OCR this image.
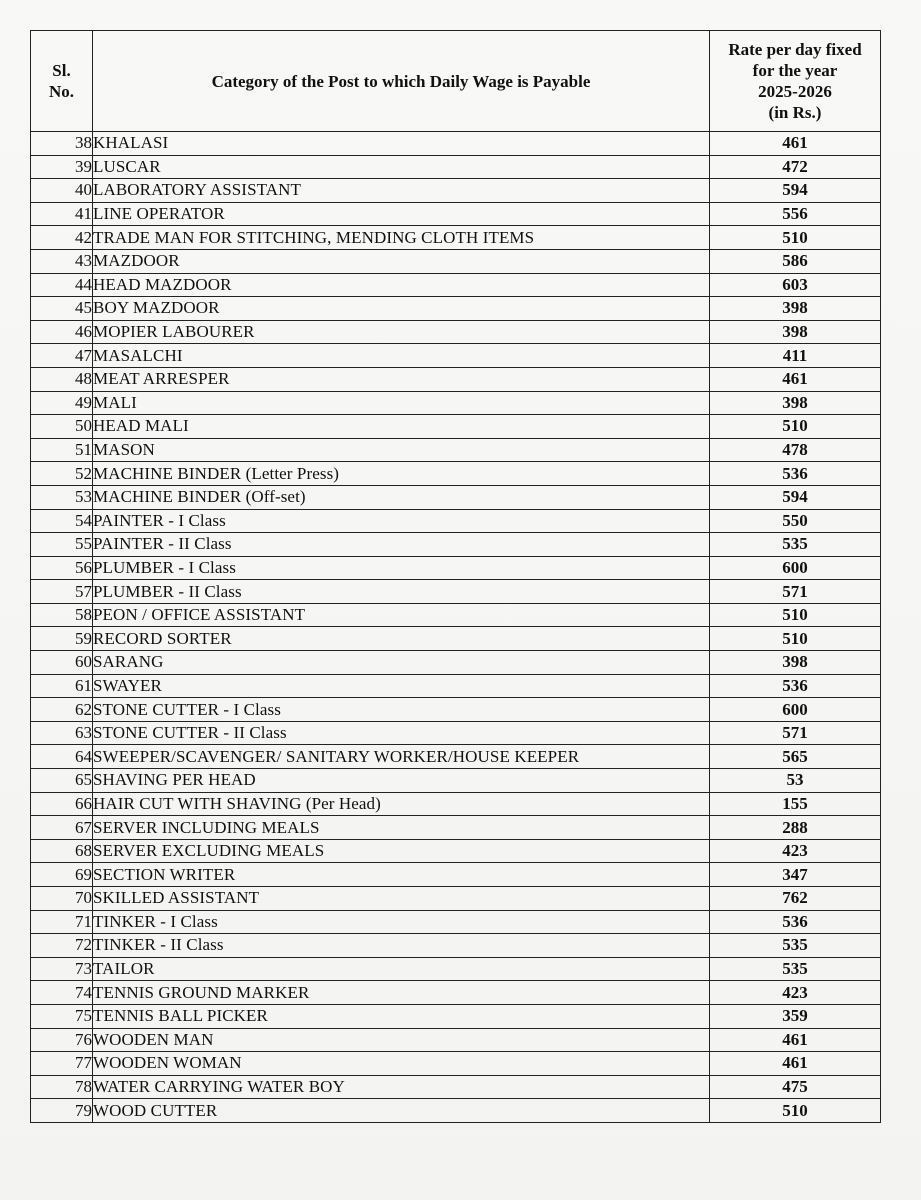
Sl.
No.	Category of the Post to which Daily Wage is Payable	Rate per day fixed
for the year
2025-2026
(in Rs.)
38	KHALASI	461
39	LUSCAR	472
40	LABORATORY ASSISTANT	594
41	LINE OPERATOR	556
42	TRADE MAN FOR STITCHING, MENDING CLOTH ITEMS	510
43	MAZDOOR	586
44	HEAD MAZDOOR	603
45	BOY MAZDOOR	398
46	MOPIER LABOURER	398
47	MASALCHI	411
48	MEAT ARRESPER	461
49	MALI	398
50	HEAD MALI	510
51	MASON	478
52	MACHINE BINDER (Letter Press)	536
53	MACHINE BINDER (Off-set)	594
54	PAINTER - I Class	550
55	PAINTER - II Class	535
56	PLUMBER - I Class	600
57	PLUMBER - II Class	571
58	PEON / OFFICE ASSISTANT	510
59	RECORD SORTER	510
60	SARANG	398
61	SWAYER	536
62	STONE CUTTER - I Class	600
63	STONE CUTTER - II Class	571
64	SWEEPER/SCAVENGER/ SANITARY WORKER/HOUSE KEEPER	565
65	SHAVING PER HEAD	53
66	HAIR CUT WITH SHAVING (Per Head)	155
67	SERVER INCLUDING MEALS	288
68	SERVER EXCLUDING MEALS	423
69	SECTION WRITER	347
70	SKILLED ASSISTANT	762
71	TINKER - I Class	536
72	TINKER - II Class	535
73	TAILOR	535
74	TENNIS GROUND MARKER	423
75	TENNIS BALL PICKER	359
76	WOODEN MAN	461
77	WOODEN WOMAN	461
78	WATER CARRYING WATER BOY	475
79	WOOD CUTTER	510
